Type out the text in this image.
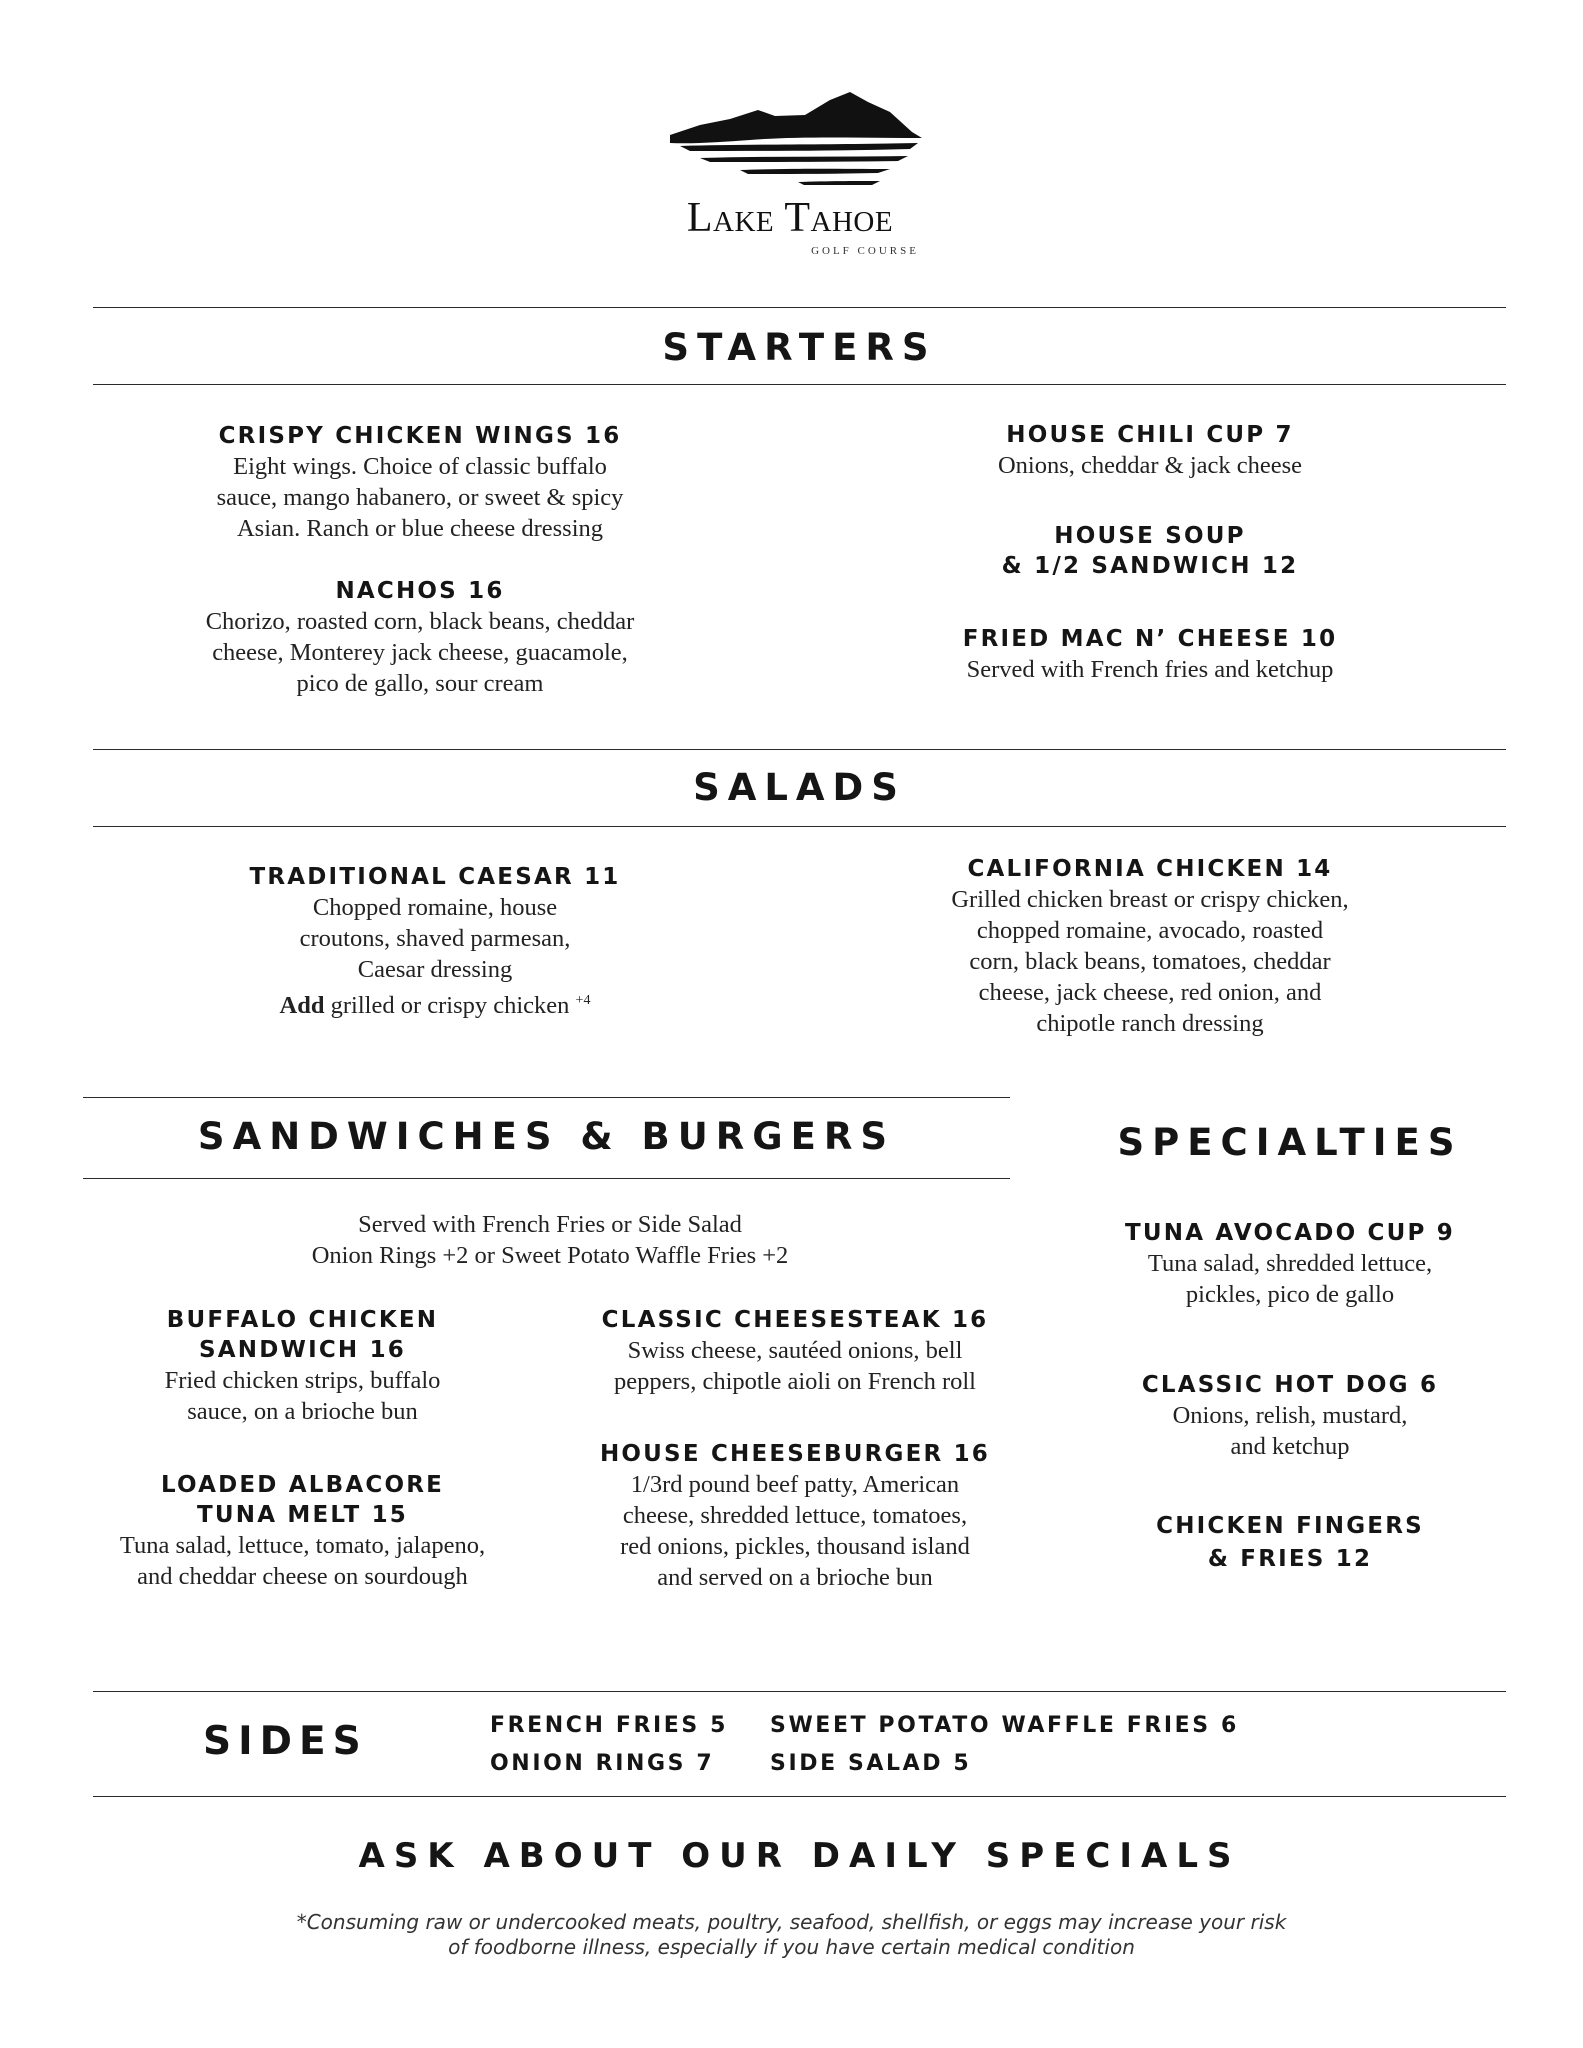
Lake Tahoe
GOLF COURSE
STARTERS
CRISPY CHICKEN WINGS 16
Eight wings. Choice of classic buffalo
sauce, mango habanero, or sweet & spicy
Asian. Ranch or blue cheese dressing
NACHOS 16
Chorizo, roasted corn, black beans, cheddar
cheese, Monterey jack cheese, guacamole,
pico de gallo, sour cream
HOUSE CHILI CUP 7
Onions, cheddar & jack cheese
HOUSE SOUP
& 1/2 SANDWICH 12
FRIED MAC N’ CHEESE 10
Served with French fries and ketchup
SALADS
TRADITIONAL CAESAR 11
Chopped romaine, house
croutons, shaved parmesan,
Caesar dressing
Add grilled or crispy chicken $^{+4}$
CALIFORNIA CHICKEN 14
Grilled chicken breast or crispy chicken,
chopped romaine, avocado, roasted
corn, black beans, tomatoes, cheddar
cheese, jack cheese, red onion, and
chipotle ranch dressing
SANDWICHES & BURGERS
Served with French Fries or Side Salad
Onion Rings +2 or Sweet Potato Waffle Fries +2
BUFFALO CHICKEN
SANDWICH 16
Fried chicken strips, buffalo
sauce, on a brioche bun
LOADED ALBACORE
TUNA MELT 15
Tuna salad, lettuce, tomato, jalapeno,
and cheddar cheese on sourdough
CLASSIC CHEESESTEAK 16
Swiss cheese, sautéed onions, bell
peppers, chipotle aioli on French roll
HOUSE CHEESEBURGER 16
1/3rd pound beef patty, American
cheese, shredded lettuce, tomatoes,
red onions, pickles, thousand island
and served on a brioche bun
SPECIALTIES
TUNA AVOCADO CUP 9
Tuna salad, shredded lettuce,
pickles, pico de gallo
CLASSIC HOT DOG 6
Onions, relish, mustard,
and ketchup
CHICKEN FINGERS
& FRIES 12
SIDES	FRENCH FRIES 5
ONION RINGS 7
SWEET POTATO WAFFLE FRIES 6
SIDE SALAD 5
ASK ABOUT OUR DAILY SPECIALS
*Consuming raw or undercooked meats, poultry, seafood, shellfish, or eggs may increase your risk
of foodborne illness, especially if you have certain medical condition
